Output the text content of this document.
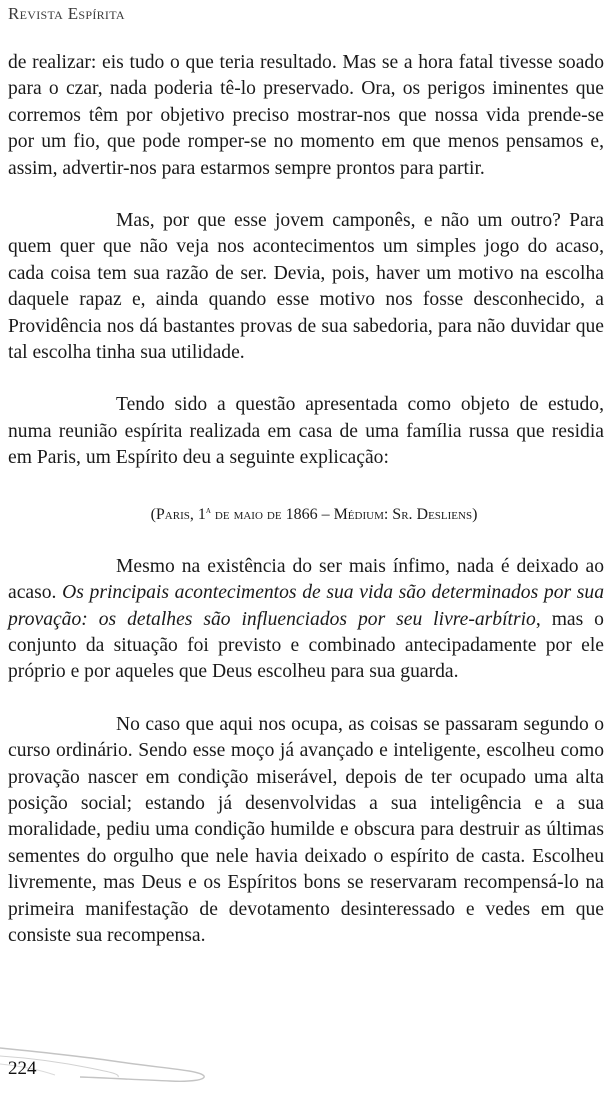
Revista Espírita

de realizar: eis tudo o que teria resultado. Mas se a hora fatal tivesse soado para o czar, nada poderia tê-lo preservado. Ora, os perigos iminentes que corremos têm por objetivo preciso mostrar-nos que nossa vida prende-se por um fio, que pode romper-se no momento em que menos pensamos e, assim, advertir-nos para estarmos sempre prontos para partir.

Mas, por que esse jovem camponês, e não um outro? Para quem quer que não veja nos acontecimentos um simples jogo do acaso, cada coisa tem sua razão de ser. Devia, pois, haver um motivo na escolha daquele rapaz e, ainda quando esse motivo nos fosse desconhecido, a Providência nos dá bastantes provas de sua sabedoria, para não duvidar que tal escolha tinha sua utilidade.

Tendo sido a questão apresentada como objeto de estudo, numa reunião espírita realizada em casa de uma família russa que residia em Paris, um Espírito deu a seguinte explicação:

(Paris, 1$^a$ de maio de 1866 – Médium: Sr. Desliens)

Mesmo na existência do ser mais ínfimo, nada é deixado ao acaso. Os principais acontecimentos de sua vida são determinados por sua provação: os detalhes são influenciados por seu livre-arbítrio, mas o conjunto da situação foi previsto e combinado antecipadamente por ele próprio e por aqueles que Deus escolheu para sua guarda.

No caso que aqui nos ocupa, as coisas se passaram segundo o curso ordinário. Sendo esse moço já avançado e inteligente, escolheu como provação nascer em condição miserável, depois de ter ocupado uma alta posição social; estando já desenvolvidas a sua inteligência e a sua moralidade, pediu uma condição humilde e obscura para destruir as últimas sementes do orgulho que nele havia deixado o espírito de casta. Escolheu livremente, mas Deus e os Espíritos bons se reservaram recompensá-lo na primeira manifestação de devotamento desinteressado e vedes em que consiste sua recompensa.

224
